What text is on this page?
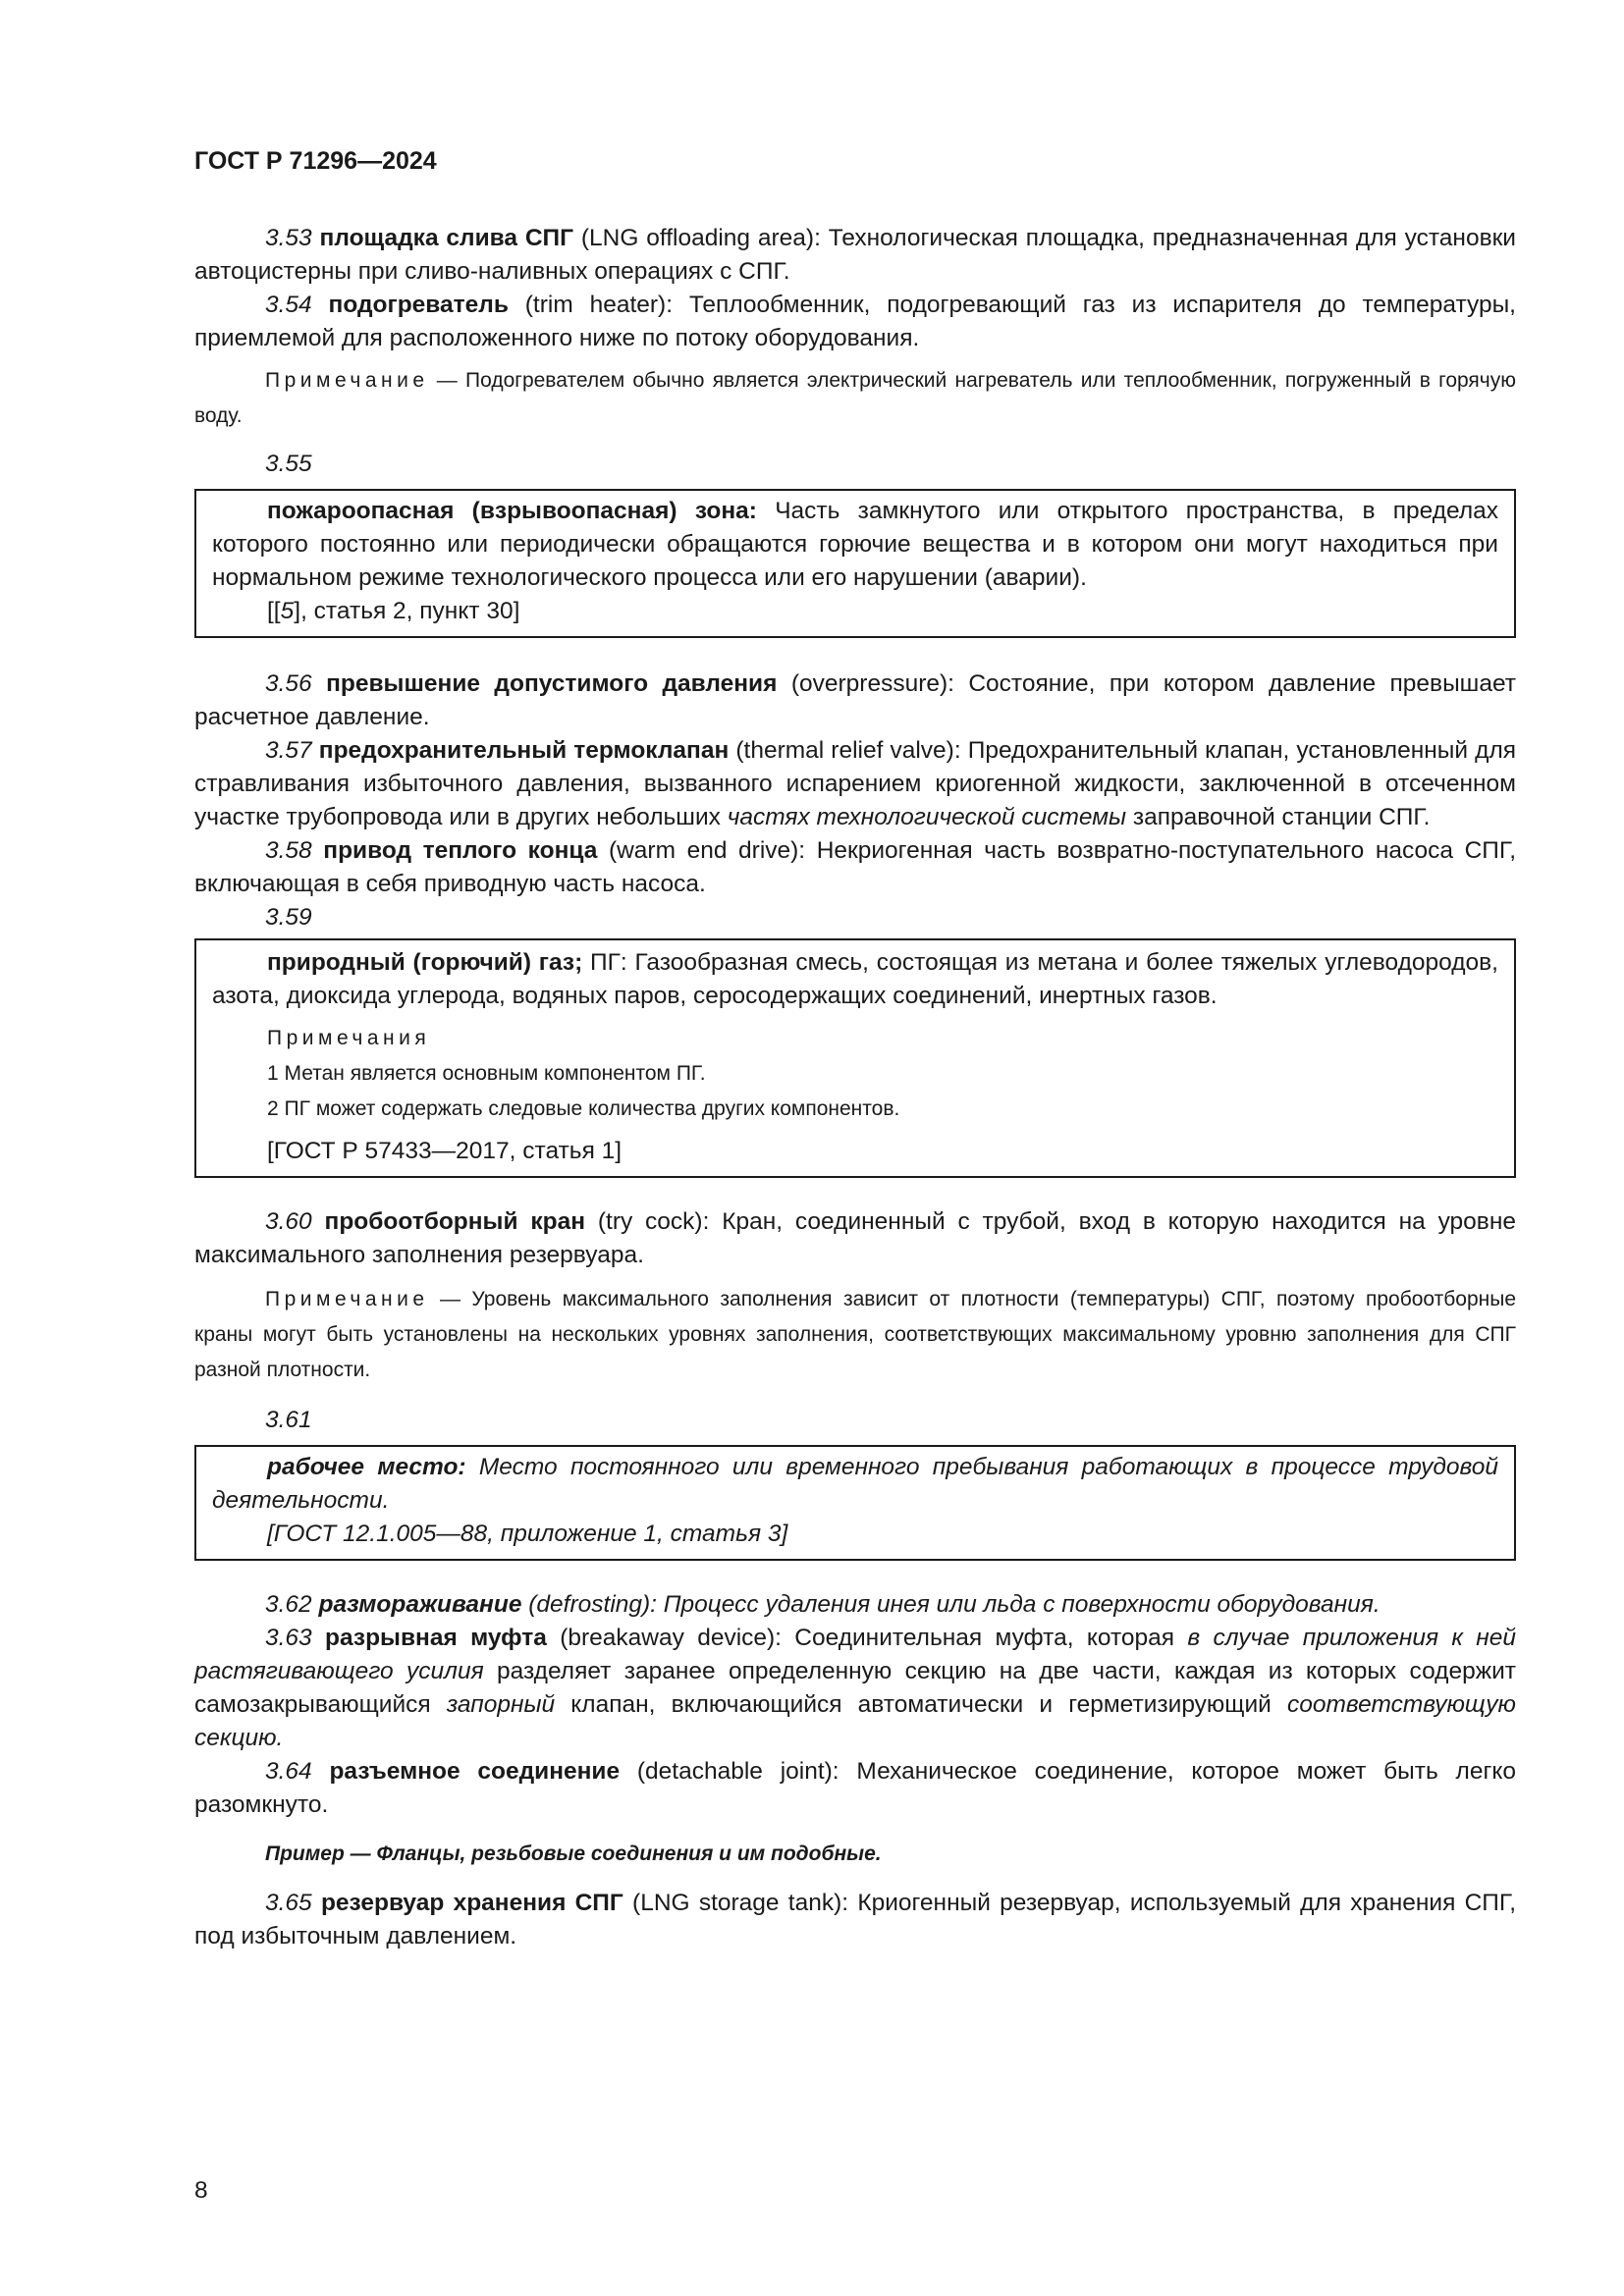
ГОСТ Р 71296—2024

3.53 площадка слива СПГ (LNG offloading area): Технологическая площадка, предназначенная для установки автоцистерны при сливо-наливных операциях с СПГ.

3.54 подогреватель (trim heater): Теплообменник, подогревающий газ из испарителя до температуры, приемлемой для расположенного ниже по потоку оборудования.

Примечание — Подогревателем обычно является электрический нагреватель или теплообменник, погруженный в горячую воду.

3.55

пожароопасная (взрывоопасная) зона: Часть замкнутого или открытого пространства, в пределах которого постоянно или периодически обращаются горючие вещества и в котором они могут находиться при нормальном режиме технологического процесса или его нарушении (аварии).

[[5], статья 2, пункт 30]

3.56 превышение допустимого давления (overpressure): Состояние, при котором давление превышает расчетное давление.

3.57 предохранительный термоклапан (thermal relief valve): Предохранительный клапан, установленный для стравливания избыточного давления, вызванного испарением криогенной жидкости, заключенной в отсеченном участке трубопровода или в других небольших частях технологической системы заправочной станции СПГ.

3.58 привод теплого конца (warm end drive): Некриогенная часть возвратно-поступательного насоса СПГ, включающая в себя приводную часть насоса.

3.59

природный (горючий) газ; ПГ: Газообразная смесь, состоящая из метана и более тяжелых углеводородов, азота, диоксида углерода, водяных паров, серосодержащих соединений, инертных газов.

Примечания

1 Метан является основным компонентом ПГ.

2 ПГ может содержать следовые количества других компонентов.

[ГОСТ Р 57433—2017, статья 1]

3.60 пробоотборный кран (try cock): Кран, соединенный с трубой, вход в которую находится на уровне максимального заполнения резервуара.

Примечание — Уровень максимального заполнения зависит от плотности (температуры) СПГ, поэтому пробоотборные краны могут быть установлены на нескольких уровнях заполнения, соответствующих максимальному уровню заполнения для СПГ разной плотности.

3.61

рабочее место: Место постоянного или временного пребывания работающих в процессе трудовой деятельности.

[ГОСТ 12.1.005—88, приложение 1, статья 3]

3.62 размораживание (defrosting): Процесс удаления инея или льда с поверхности оборудования.

3.63 разрывная муфта (breakaway device): Соединительная муфта, которая в случае приложения к ней растягивающего усилия разделяет заранее определенную секцию на две части, каждая из которых содержит самозакрывающийся запорный клапан, включающийся автоматически и герметизирующий соответствующую секцию.

3.64 разъемное соединение (detachable joint): Механическое соединение, которое может быть легко разомкнуто.

Пример — Фланцы, резьбовые соединения и им подобные.

3.65 резервуар хранения СПГ (LNG storage tank): Криогенный резервуар, используемый для хранения СПГ, под избыточным давлением.

8
